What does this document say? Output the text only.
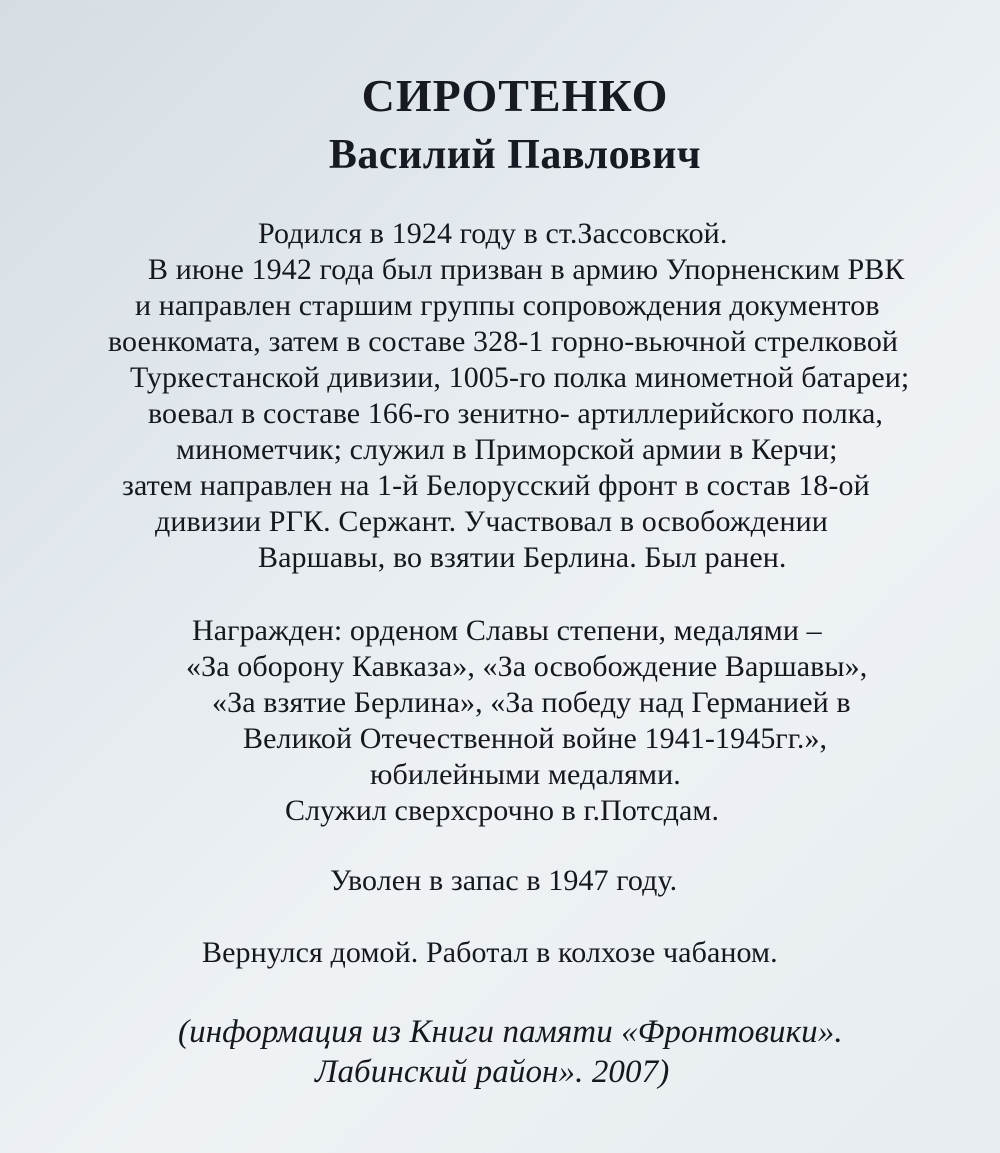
СИРОТЕНКО
Василий Павлович
Родился в 1924 году в ст.Зассовской.
В июне 1942 года был призван в армию Упорненским РВК
и направлен старшим группы сопровождения документов
военкомата, затем в составе 328-1 горно-вьючной стрелковой
Туркестанской дивизии, 1005-го полка минометной батареи;
воевал в составе 166-го зенитно- артиллерийского полка,
минометчик; служил в Приморской армии в Керчи;
затем направлен на 1-й Белорусский фронт в состав 18-ой
дивизии РГК. Сержант. Участвовал в освобождении
Варшавы, во взятии Берлина. Был ранен.
Награжден: орденом Славы степени, медалями –
«За оборону Кавказа», «За освобождение Варшавы»,
«За взятие Берлина», «За победу над Германией в
Великой Отечественной войне 1941-1945гг.»,
юбилейными медалями.
Служил сверхсрочно в г.Потсдам.
Уволен в запас в 1947 году.
Вернулся домой. Работал в колхозе чабаном.
(информация из Книги памяти «Фронтовики».
Лабинский район». 2007)
